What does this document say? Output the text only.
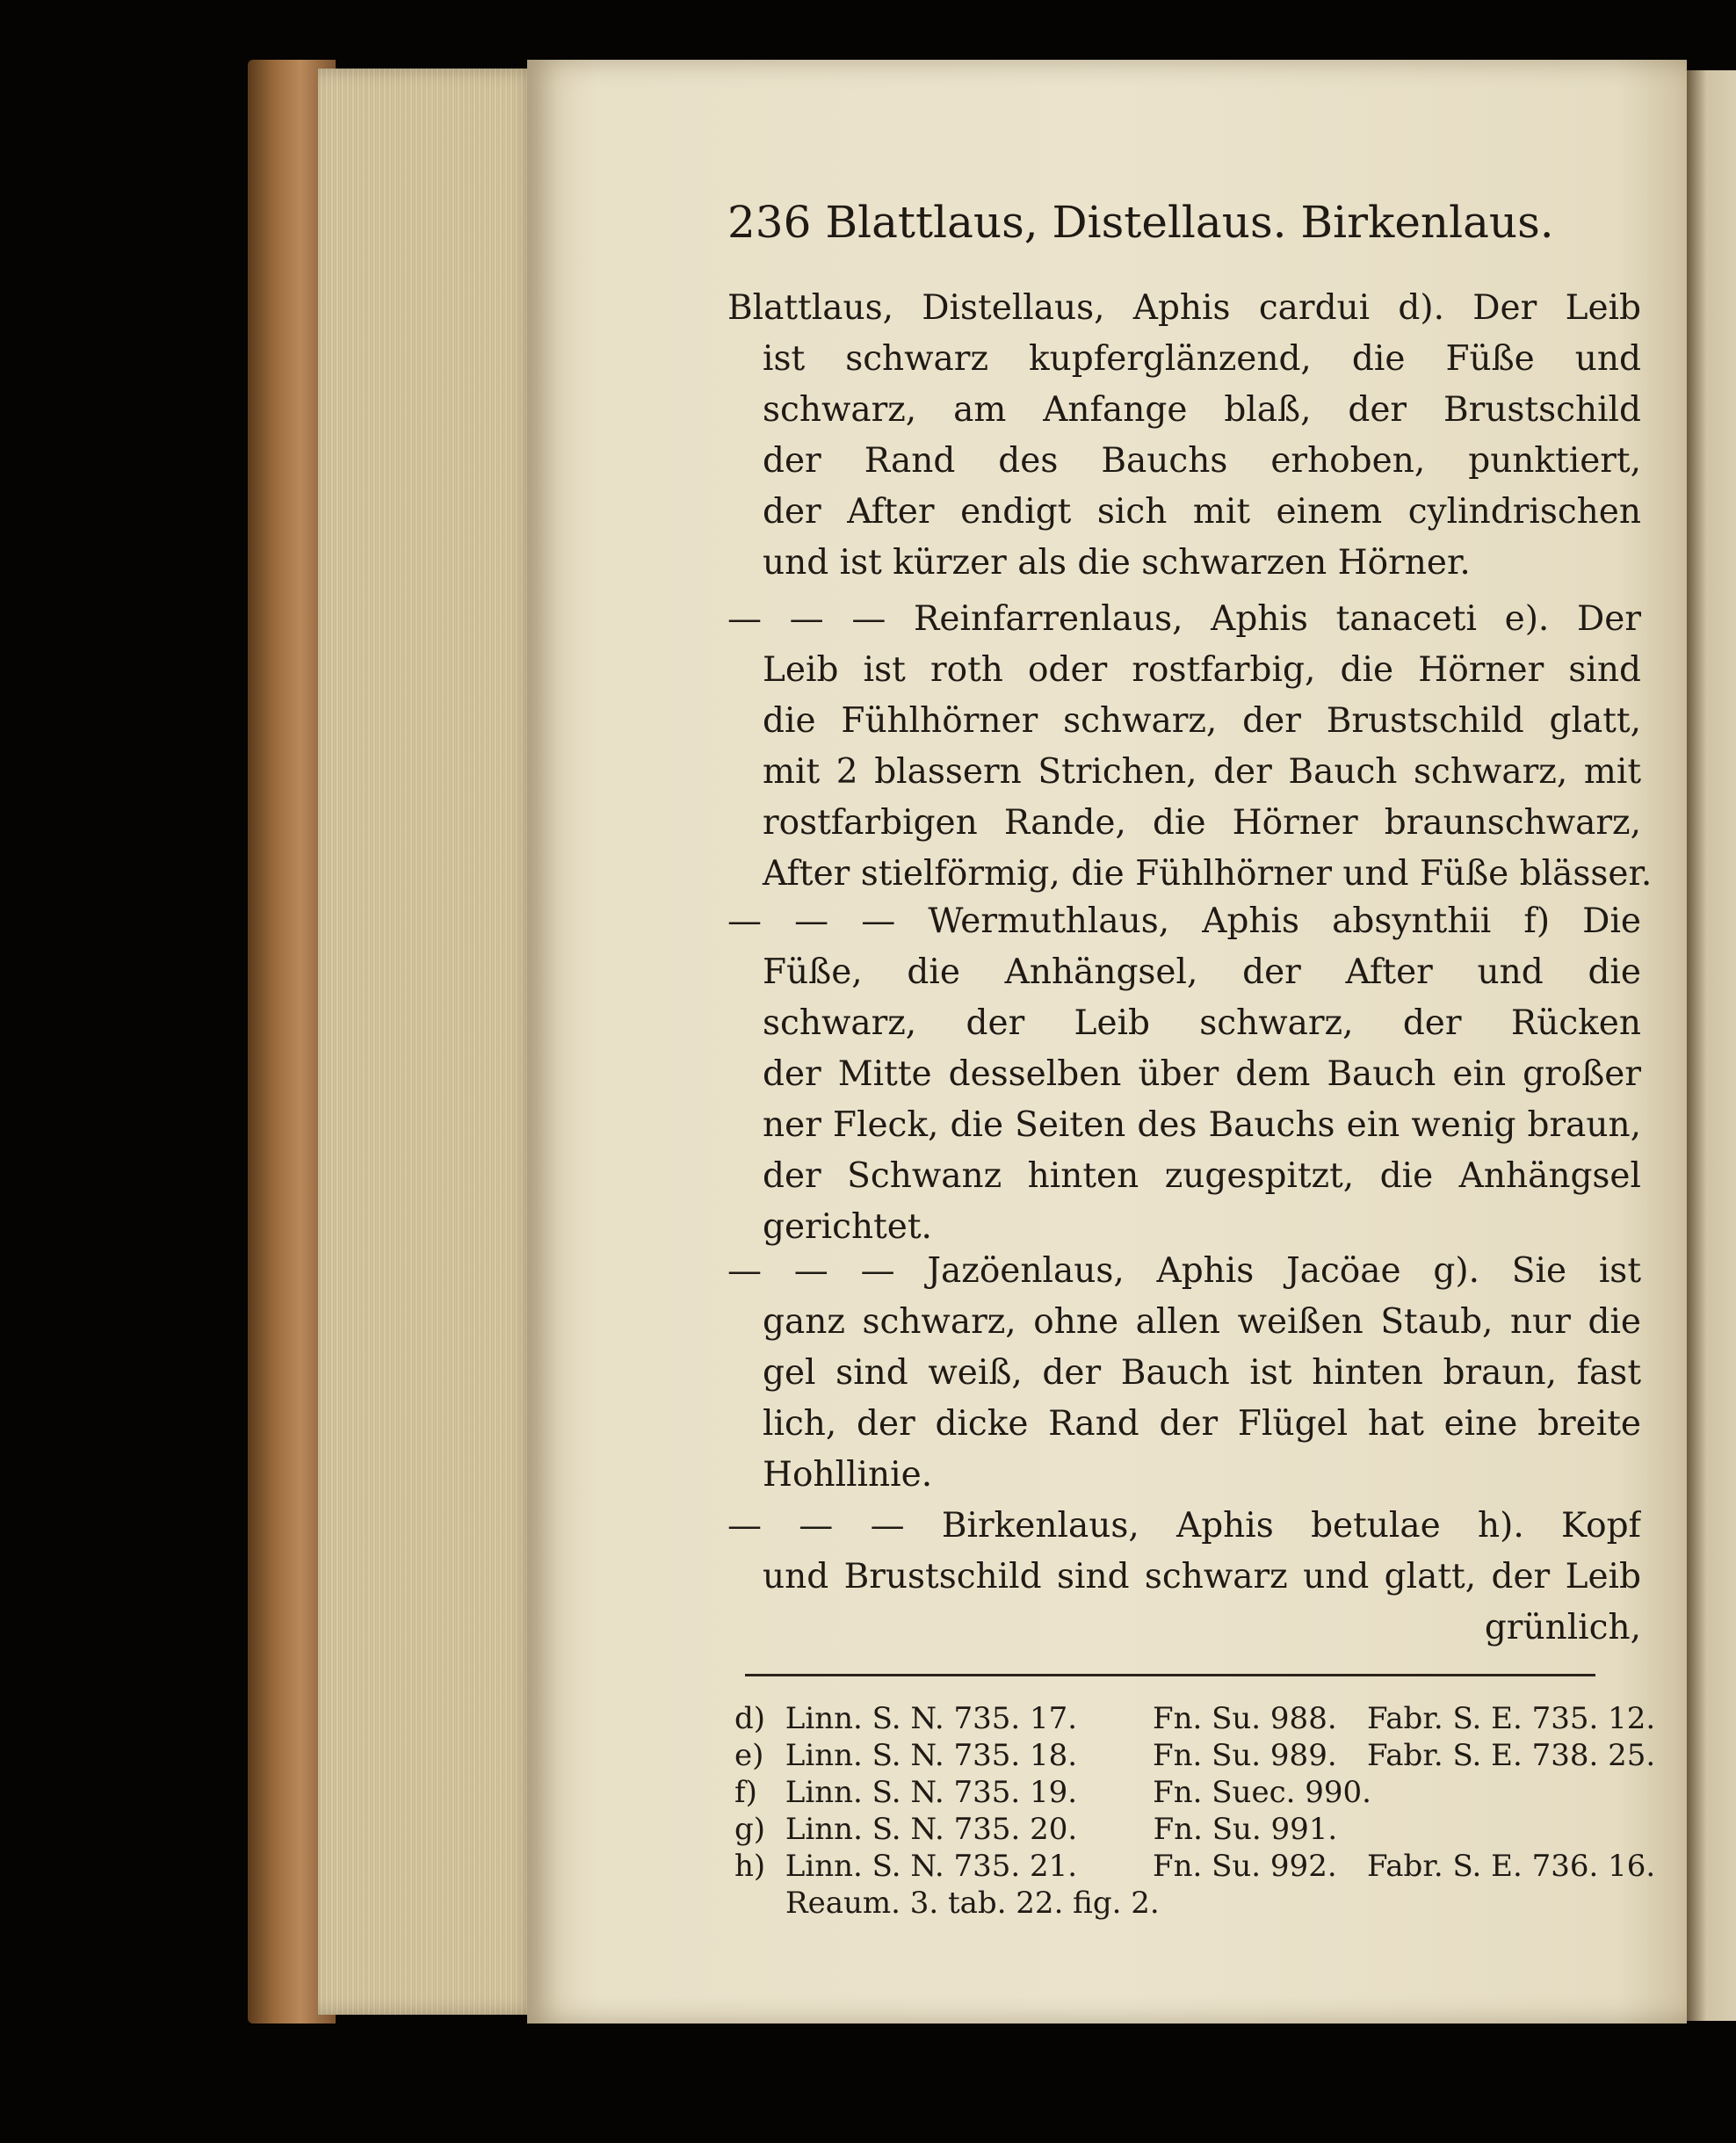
236 Blattlaus, Distellaus. Birkenlaus.
Blattlaus, Distellaus, Aphis cardui d). Der Leib
ist schwarz kupferglänzend, die Füße und
schwarz, am Anfange blaß, der Brustschild
der Rand des Bauchs erhoben, punktiert,
der After endigt sich mit einem cylindrischen
und ist kürzer als die schwarzen Hörner.
— — — Reinfarrenlaus, Aphis tanaceti e). Der
Leib ist roth oder rostfarbig, die Hörner sind
die Fühlhörner schwarz, der Brustschild glatt,
mit 2 blassern Strichen, der Bauch schwarz, mit
rostfarbigen Rande, die Hörner braunschwarz,
After stielförmig, die Fühlhörner und Füße blässer.
— — — Wermuthlaus, Aphis absynthii f) Die
Füße, die Anhängsel, der After und die
schwarz, der Leib schwarz, der Rücken
der Mitte desselben über dem Bauch ein großer
ner Fleck, die Seiten des Bauchs ein wenig braun,
der Schwanz hinten zugespitzt, die Anhängsel
gerichtet.
— — — Jazöenlaus, Aphis Jacöae g). Sie ist
ganz schwarz, ohne allen weißen Staub, nur die
gel sind weiß, der Bauch ist hinten braun, fast
lich, der dicke Rand der Flügel hat eine breite
Hohllinie.
— — — Birkenlaus, Aphis betulae h). Kopf
und Brustschild sind schwarz und glatt, der Leib
grünlich,
d) Linn. S. N. 735. 17.	Fn. Su. 988.	Fabr. S. E. 735. 12.
e) Linn. S. N. 735. 18.	Fn. Su. 989.	Fabr. S. E. 738. 25.
f) Linn. S. N. 735. 19.	Fn. Suec. 990.
g) Linn. S. N. 735. 20.	Fn. Su. 991.
h) Linn. S. N. 735. 21.	Fn. Su. 992.	Fabr. S. E. 736. 16.
Reaum. 3. tab. 22. fig. 2.
